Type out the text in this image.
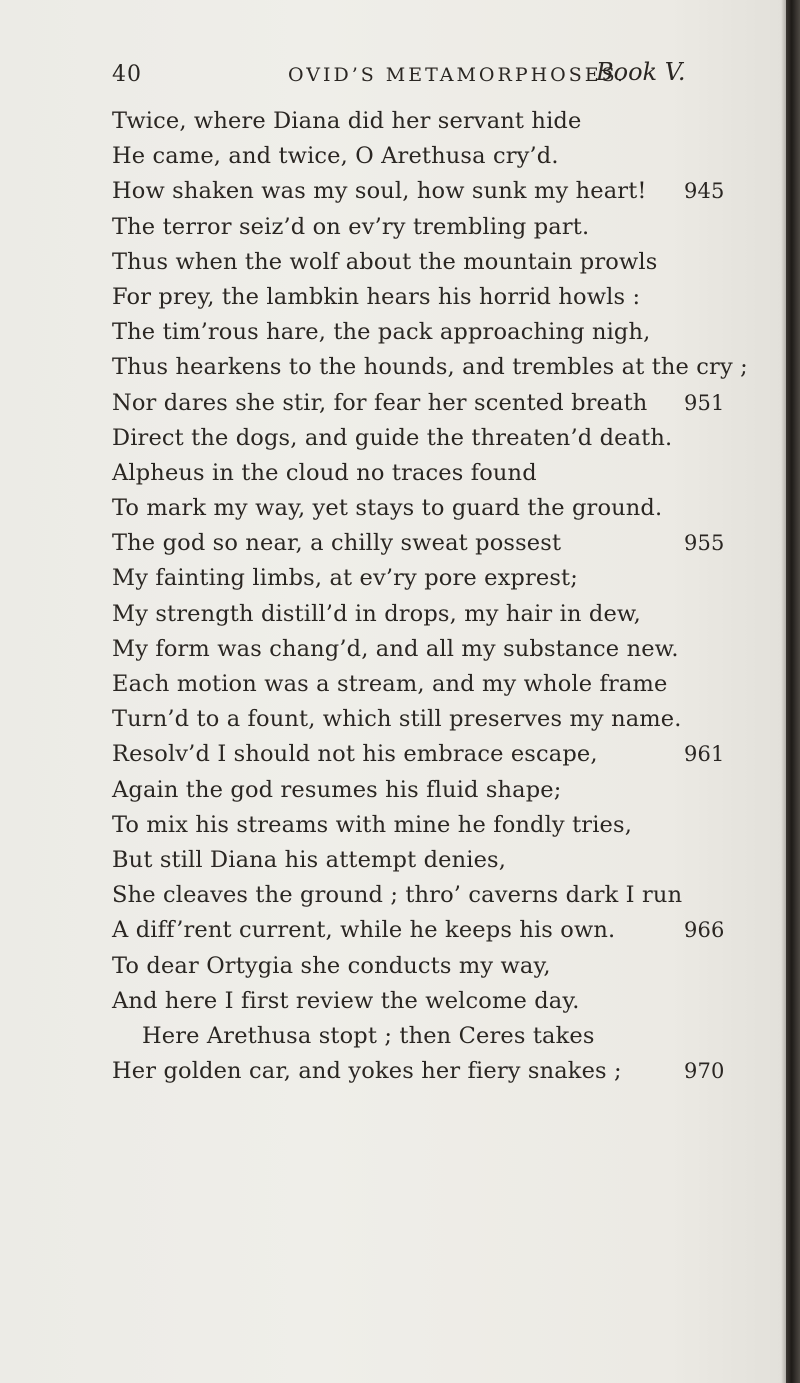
40	OVID’S METAMORPHOSES.
Book V.
Twice, where Diana did her servant hide
He came, and twice, O Arethusa cry’d.
How shaken was my soul, how sunk my heart! 945
The terror seiz’d on ev’ry trembling part.
Thus when the wolf about the mountain prowls
For prey, the lambkin hears his horrid howls :
The tim’rous hare, the pack approaching nigh,
Thus hearkens to the hounds, and trembles at the cry ;
Nor dares she stir, for fear her scented breath 951
Direct the dogs, and guide the threaten’d death.
Alpheus in the cloud no traces found
To mark my way, yet stays to guard the ground.
The god so near, a chilly sweat possest	955
My fainting limbs, at ev’ry pore exprest;
My strength distill’d in drops, my hair in dew,
My form was chang’d, and all my substance new.
Each motion was a stream, and my whole frame
Turn’d to a fount, which still preserves my name.
Resolv’d I should not his embrace escape,	961
Again the god resumes his fluid shape;
To mix his streams with mine he fondly tries,
But still Diana his attempt denies,
She cleaves the ground ; thro’ caverns dark I run
A diff’rent current, while he keeps his own.	966
To dear Ortygia she conducts my way,
And here I first review the welcome day.
Here Arethusa stopt ; then Ceres takes
Her golden car, and yokes her fiery snakes ;	970
